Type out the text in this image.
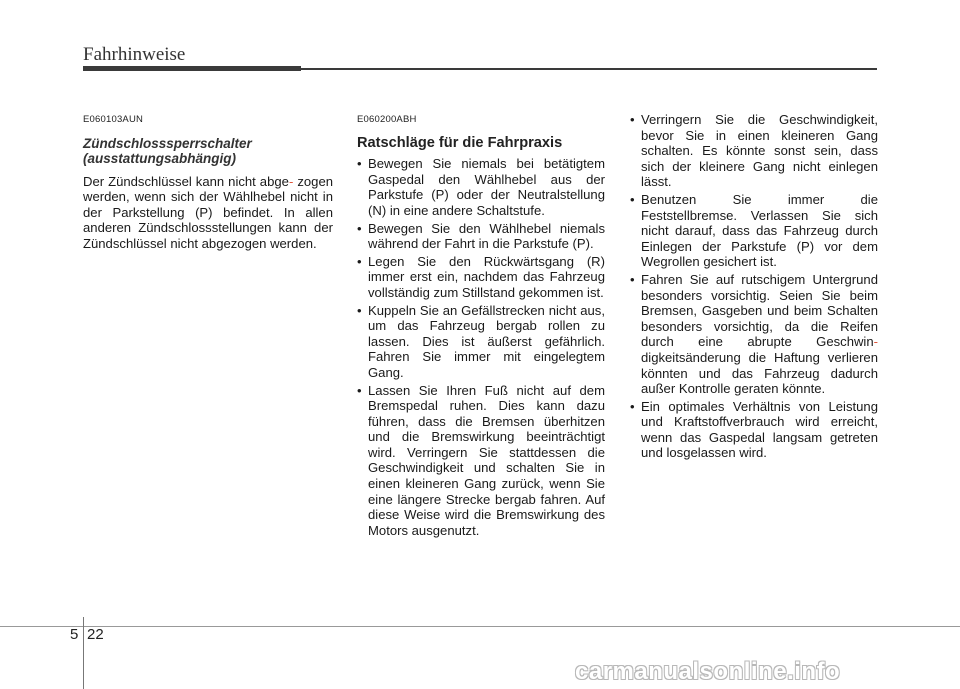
Fahrhinweise
E060103AUN
Zündschlosssperrschalter
(ausstattungsabhängig)

Der Zündschlüssel kann nicht abge- zogen werden, wenn sich der Wählhebel nicht in der Parkstellung (P) befindet. In allen anderen Zündschlossstellungen kann der Zündschlüssel nicht abgezogen werden.

E060200ABH
Ratschläge für die Fahrpraxis
• Bewegen Sie niemals bei betätigtem Gaspedal den Wählhebel aus der Parkstufe (P) oder der Neutralstellung (N) in eine andere Schaltstufe.
• Bewegen Sie den Wählhebel niemals während der Fahrt in die Parkstufe (P).
• Legen Sie den Rückwärtsgang (R) immer erst ein, nachdem das Fahrzeug vollständig zum Stillstand gekommen ist.
• Kuppeln Sie an Gefällstrecken nicht aus, um das Fahrzeug bergab rollen zu lassen. Dies ist äußerst gefährlich. Fahren Sie immer mit eingelegtem Gang.
• Lassen Sie Ihren Fuß nicht auf dem Bremspedal ruhen. Dies kann dazu führen, dass die Bremsen überhitzen und die Bremswirkung beeinträchtigt wird. Verringern Sie stattdessen die Geschwindigkeit und schalten Sie in einen kleineren Gang zurück, wenn Sie eine längere Strecke bergab fahren. Auf diese Weise wird die Bremswirkung des Motors ausgenutzt.
• Verringern Sie die Geschwindigkeit, bevor Sie in einen kleineren Gang schalten. Es könnte sonst sein, dass sich der kleinere Gang nicht einlegen lässt.
• Benutzen Sie immer die Feststellbremse. Verlassen Sie sich nicht darauf, dass das Fahrzeug durch Einlegen der Parkstufe (P) vor dem Wegrollen gesichert ist.
• Fahren Sie auf rutschigem Untergrund besonders vorsichtig. Seien Sie beim Bremsen, Gasgeben und beim Schalten besonders vorsichtig, da die Reifen durch eine abrupte Geschwin- digkeitsänderung die Haftung verlieren könnten und das Fahrzeug dadurch außer Kontrolle geraten könnte.
• Ein optimales Verhältnis von Leistung und Kraftstoffverbrauch wird erreicht, wenn das Gaspedal langsam getreten und losgelassen wird.
5 22
carmanualsonline.info
